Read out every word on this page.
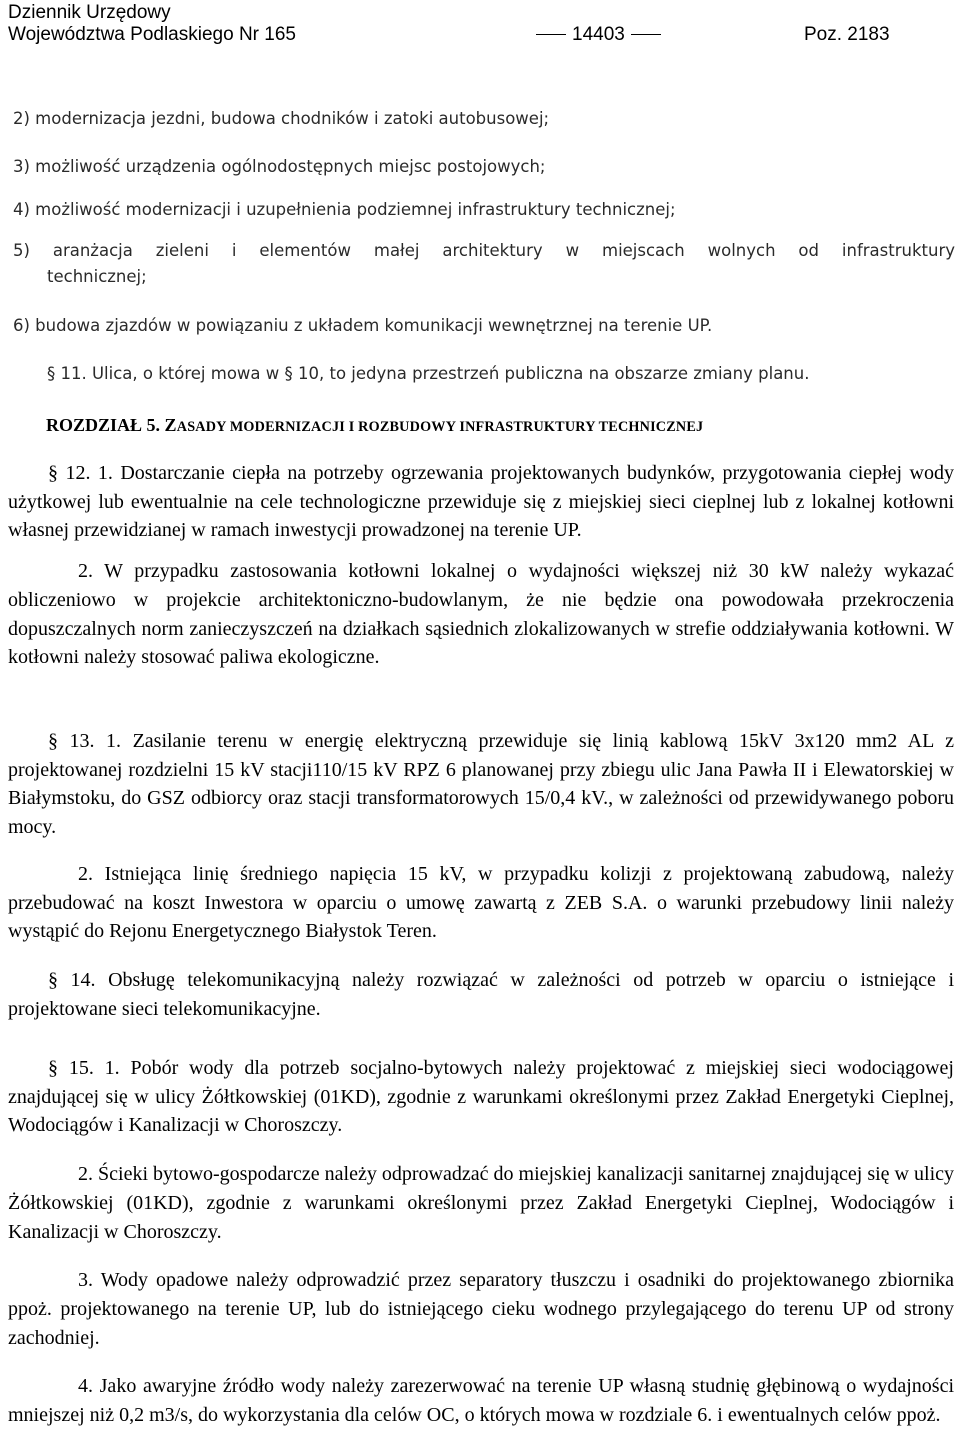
Dziennik Urzędowy
Województwa Podlaskiego Nr 165	14403	Poz. 2183
2) modernizacja jezdni, budowa chodników i zatoki autobusowej;
3) możliwość urządzenia ogólnodostępnych miejsc postojowych;
4) możliwość modernizacji i uzupełnienia podziemnej infrastruktury technicznej;
5) aranżacja zieleni i elementów małej architektury w miejscach wolnych od infrastruktury
technicznej;
6) budowa zjazdów w powiązaniu z układem komunikacji wewnętrznej na terenie UP.
§ 11. Ulica, o której mowa w § 10, to jedyna przestrzeń publiczna na obszarze zmiany planu.
ROZDZIAŁ 5. ZASADY MODERNIZACJI I ROZBUDOWY INFRASTRUKTURY TECHNICZNEJ

§ 12. 1. Dostarczanie ciepła na potrzeby ogrzewania projektowanych budynków, przygotowania ciepłej wody użytkowej lub ewentualnie na cele technologiczne przewiduje się z miejskiej sieci cieplnej lub z lokalnej kotłowni własnej przewidzianej w ramach inwestycji prowadzonej na terenie UP.

2. W przypadku zastosowania kotłowni lokalnej o wydajności większej niż 30 kW należy wykazać obliczeniowo w projekcie architektoniczno-budowlanym, że nie będzie ona powodowała przekroczenia dopuszczalnych norm zanieczyszczeń na działkach sąsiednich zlokalizowanych w strefie oddziaływania kotłowni. W kotłowni należy stosować paliwa ekologiczne.

§ 13. 1. Zasilanie terenu w energię elektryczną przewiduje się linią kablową 15kV 3x120 mm2 AL z projektowanej rozdzielni 15 kV stacji110/15 kV RPZ 6 planowanej przy zbiegu ulic Jana Pawła II i Elewatorskiej w Białymstoku, do GSZ odbiorcy oraz stacji transformatorowych 15/0,4 kV., w zależności od przewidywanego poboru mocy.

2. Istniejąca linię średniego napięcia 15 kV, w przypadku kolizji z projektowaną zabudową, należy przebudować na koszt Inwestora w oparciu o umowę zawartą z ZEB S.A. o warunki przebudowy linii należy wystąpić do Rejonu Energetycznego Białystok Teren.

§ 14. Obsługę telekomunikacyjną należy rozwiązać w zależności od potrzeb w oparciu o istniejące i projektowane sieci telekomunikacyjne.

§ 15. 1. Pobór wody dla potrzeb socjalno-bytowych należy projektować z miejskiej sieci wodociągowej znajdującej się w ulicy Żółtkowskiej (01KD), zgodnie z warunkami określonymi przez Zakład Energetyki Cieplnej, Wodociągów i Kanalizacji w Choroszczy.

2. Ścieki bytowo-gospodarcze należy odprowadzać do miejskiej kanalizacji sanitarnej znajdującej się w ulicy Żółtkowskiej (01KD), zgodnie z warunkami określonymi przez Zakład Energetyki Cieplnej, Wodociągów i Kanalizacji w Choroszczy.

3. Wody opadowe należy odprowadzić przez separatory tłuszczu i osadniki do projektowanego zbiornika ppoż. projektowanego na terenie UP, lub do istniejącego cieku wodnego przylegającego do terenu UP od strony zachodniej.

4. Jako awaryjne źródło wody należy zarezerwować na terenie UP własną studnię głębinową o wydajności mniejszej niż 0,2 m3/s, do wykorzystania dla celów OC, o których mowa w rozdziale 6. i ewentualnych celów ppoż.
